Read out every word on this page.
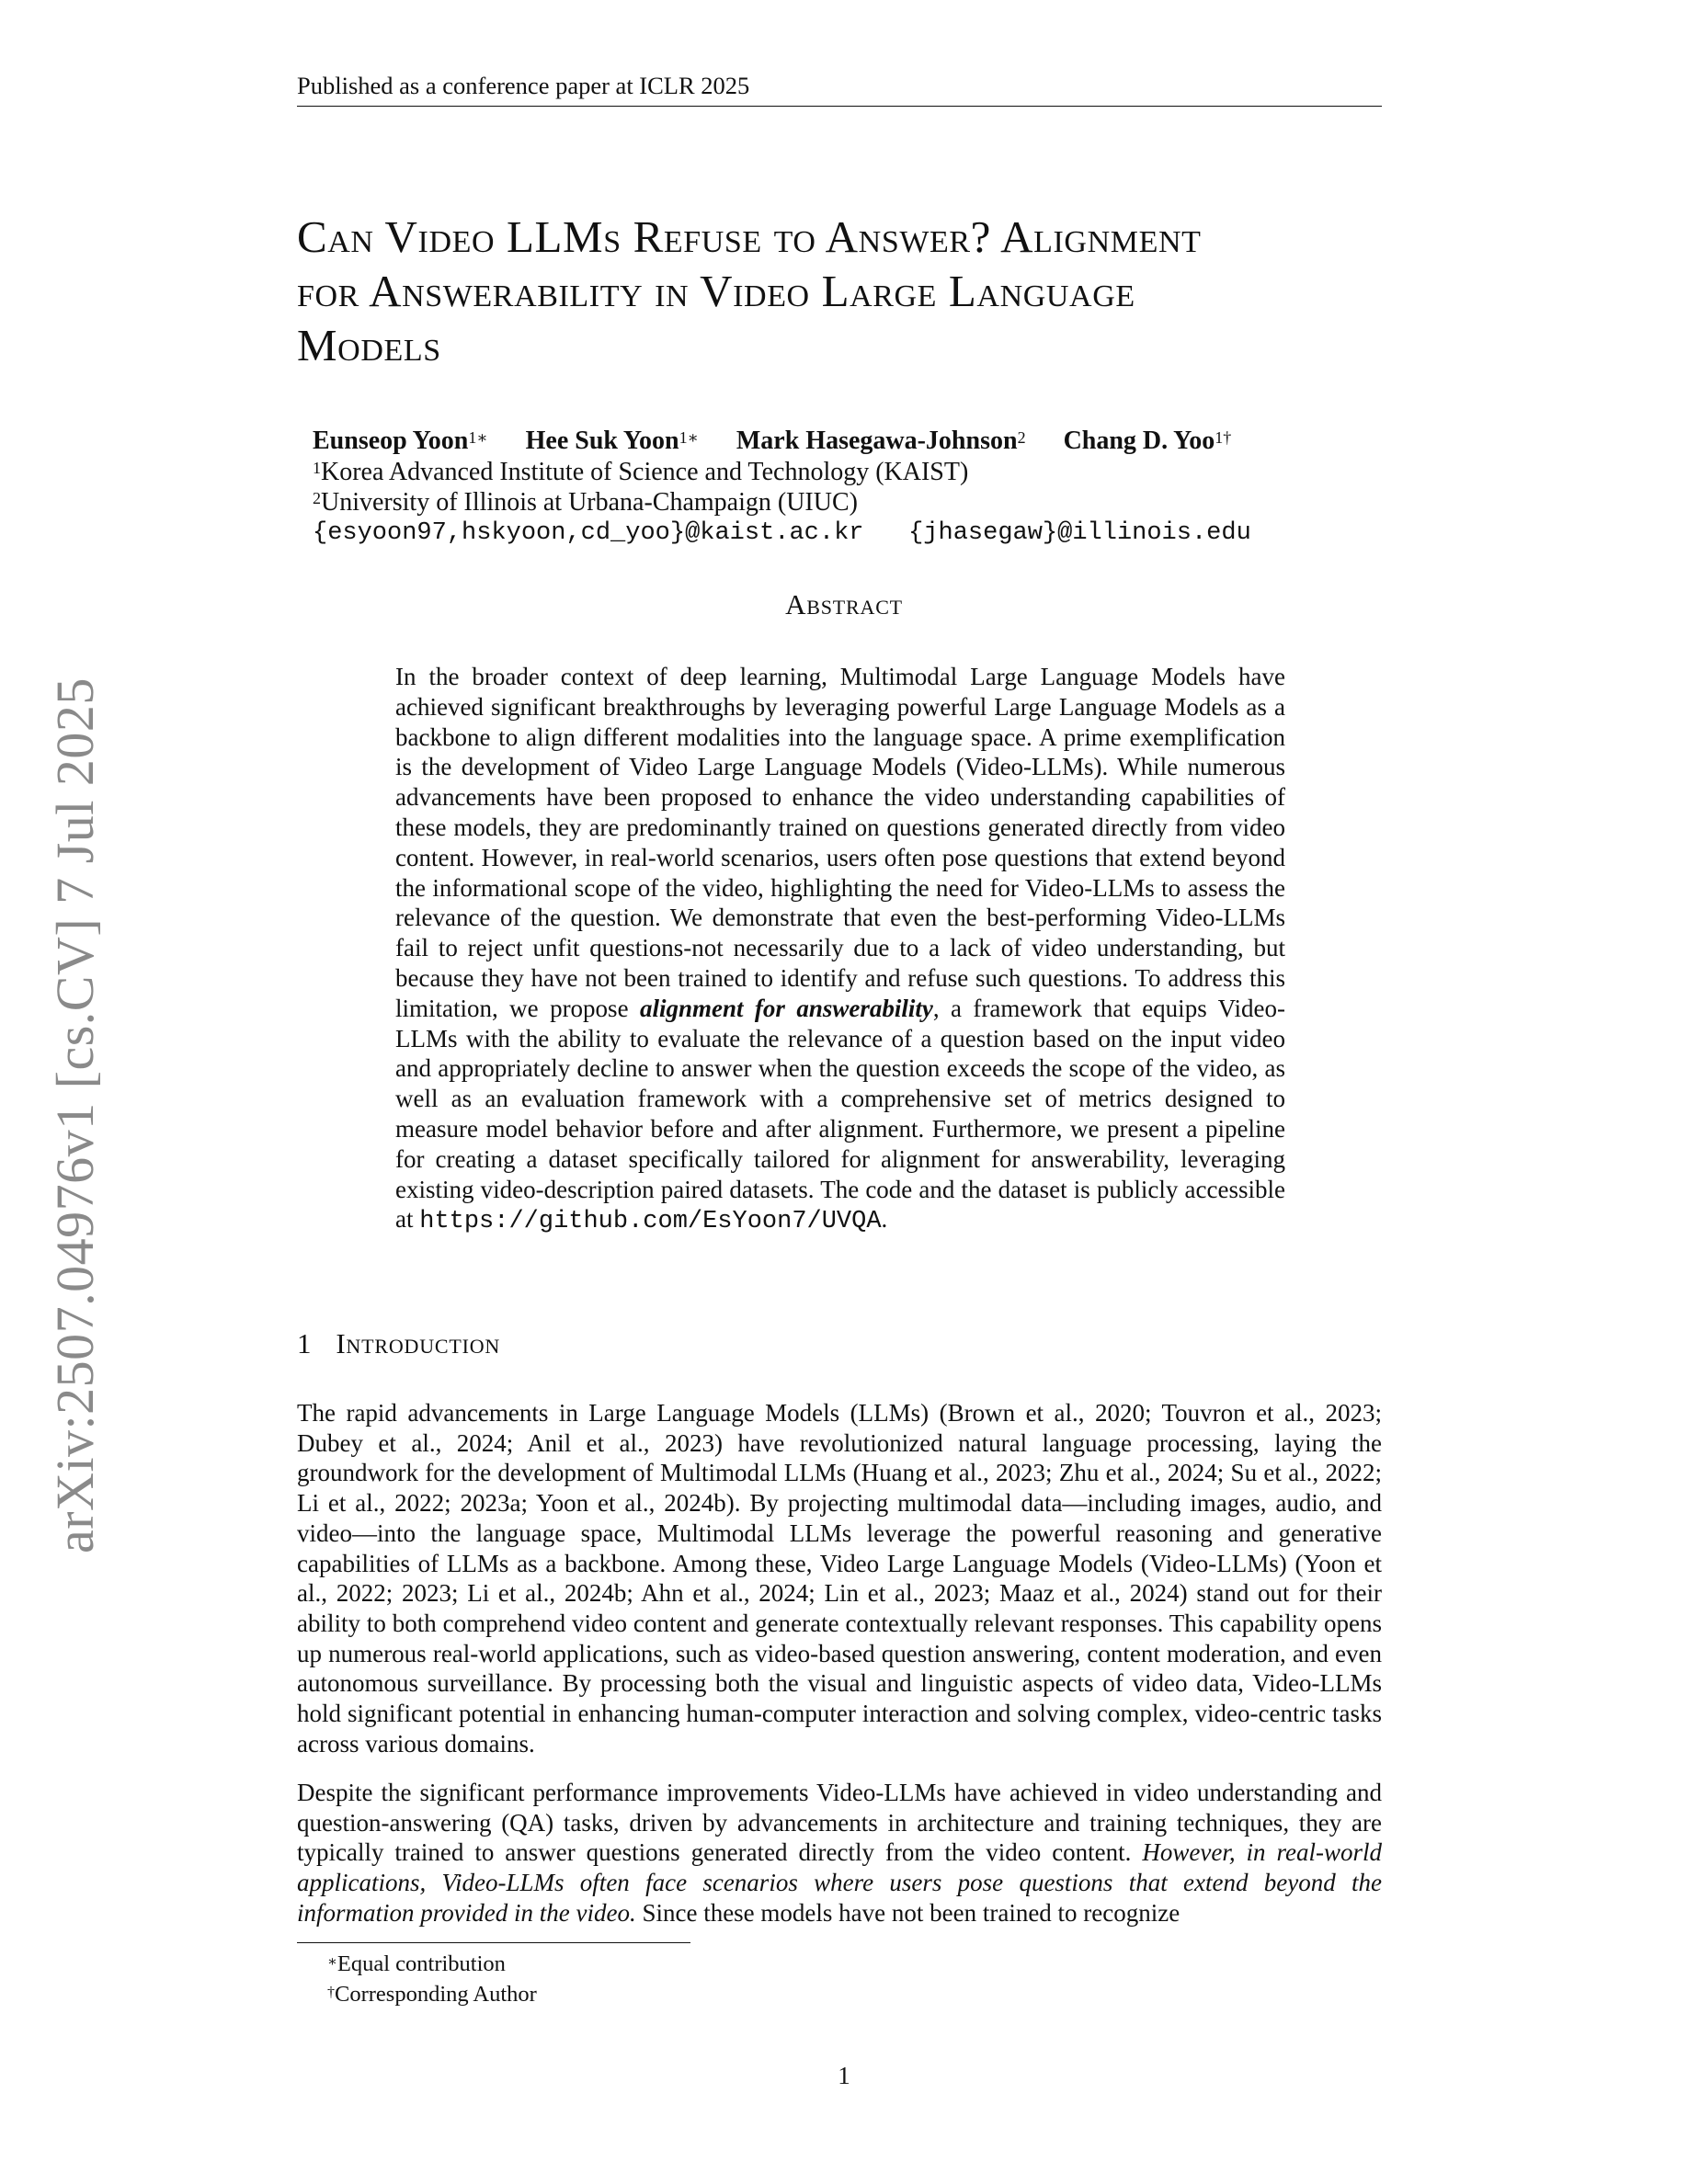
Published as a conference paper at ICLR 2025
arXiv:2507.04976v1 [cs.CV] 7 Jul 2025
Can Video LLMs Refuse to Answer? Alignment
for Answerability in Video Large Language
Models
Eunseop Yoon$^{1∗}$ Hee Suk Yoon$^{1∗}$ Mark Hasegawa-Johnson$^2$ Chang D. Yoo$^{1\dagger}$
$^1$Korea Advanced Institute of Science and Technology (KAIST)
$^2$University of Illinois at Urbana-Champaign (UIUC)
{esyoon97,hskyoon,cd_yoo}@kaist.ac.kr   {jhasegaw}@illinois.edu
Abstract
In the broader context of deep learning, Multimodal Large Language Models have achieved significant breakthroughs by leveraging powerful Large Language Models as a backbone to align different modalities into the language space. A prime exemplification is the development of Video Large Language Models (Video-LLMs). While numerous advancements have been proposed to enhance the video understanding capabilities of these models, they are predominantly trained on questions generated directly from video content. However, in real-world scenarios, users often pose questions that extend beyond the informational scope of the video, highlighting the need for Video-LLMs to assess the relevance of the question. We demonstrate that even the best-performing Video-LLMs fail to reject unfit questions-not necessarily due to a lack of video understanding, but because they have not been trained to identify and refuse such questions. To address this limitation, we propose alignment for answerability, a framework that equips Video-LLMs with the ability to evaluate the relevance of a question based on the input video and appropriately decline to answer when the question exceeds the scope of the video, as well as an evaluation framework with a comprehensive set of metrics designed to measure model behavior before and after alignment. Furthermore, we present a pipeline for creating a dataset specifically tailored for alignment for answerability, leveraging existing video-description paired datasets. The code and the dataset is publicly accessible at https://github.com/EsYoon7/UVQA.
1 Introduction
The rapid advancements in Large Language Models (LLMs) (Brown et al., 2020; Touvron et al., 2023; Dubey et al., 2024; Anil et al., 2023) have revolutionized natural language processing, laying the groundwork for the development of Multimodal LLMs (Huang et al., 2023; Zhu et al., 2024; Su et al., 2022; Li et al., 2022; 2023a; Yoon et al., 2024b). By projecting multimodal data—including images, audio, and video—into the language space, Multimodal LLMs leverage the powerful reasoning and generative capabilities of LLMs as a backbone. Among these, Video Large Language Models (Video-LLMs) (Yoon et al., 2022; 2023; Li et al., 2024b; Ahn et al., 2024; Lin et al., 2023; Maaz et al., 2024) stand out for their ability to both comprehend video content and generate contextually relevant responses. This capability opens up numerous real-world applications, such as video-based question answering, content moderation, and even autonomous surveillance. By processing both the visual and linguistic aspects of video data, Video-LLMs hold significant potential in enhancing human-computer interaction and solving complex, video-centric tasks across various domains.
Despite the significant performance improvements Video-LLMs have achieved in video understanding and question-answering (QA) tasks, driven by advancements in architecture and training techniques, they are typically trained to answer questions generated directly from the video content. However, in real-world applications, Video-LLMs often face scenarios where users pose questions that extend beyond the information provided in the video. Since these models have not been trained to recognize
∗Equal contribution
†Corresponding Author
1
